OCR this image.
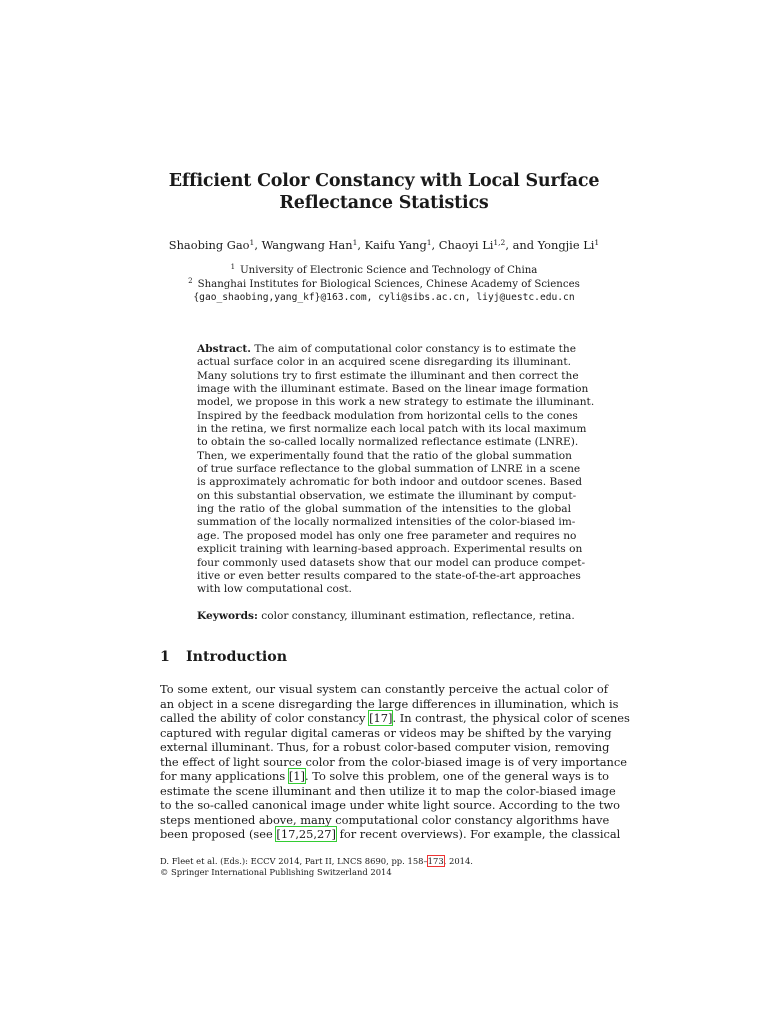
Efficient Color Constancy with Local Surface
Reflectance Statistics
Shaobing Gao$^1$, Wangwang Han$^1$, Kaifu Yang$^1$, Chaoyi Li$^{1,2}$, and Yongjie Li$^1$
$^1$ University of Electronic Science and Technology of China
$^2$ Shanghai Institutes for Biological Sciences, Chinese Academy of Sciences
{gao_shaobing,yang_kf}@163.com, cyli@sibs.ac.cn, liyj@uestc.edu.cn
Abstract. The aim of computational color constancy is to estimate the
actual surface color in an acquired scene disregarding its illuminant.
Many solutions try to first estimate the illuminant and then correct the
image with the illuminant estimate. Based on the linear image formation
model, we propose in this work a new strategy to estimate the illuminant.
Inspired by the feedback modulation from horizontal cells to the cones
in the retina, we first normalize each local patch with its local maximum
to obtain the so-called locally normalized reflectance estimate (LNRE).
Then, we experimentally found that the ratio of the global summation
of true surface reflectance to the global summation of LNRE in a scene
is approximately achromatic for both indoor and outdoor scenes. Based
on this substantial observation, we estimate the illuminant by comput-
ing the ratio of the global summation of the intensities to the global
summation of the locally normalized intensities of the color-biased im-
age. The proposed model has only one free parameter and requires no
explicit training with learning-based approach. Experimental results on
four commonly used datasets show that our model can produce compet-
itive or even better results compared to the state-of-the-art approaches
with low computational cost.
Keywords: color constancy, illuminant estimation, reflectance, retina.
1 Introduction
To some extent, our visual system can constantly perceive the actual color of
an object in a scene disregarding the large differences in illumination, which is
called the ability of color constancy [17]. In contrast, the physical color of scenes
captured with regular digital cameras or videos may be shifted by the varying
external illuminant. Thus, for a robust color-based computer vision, removing
the effect of light source color from the color-biased image is of very importance
for many applications [1]. To solve this problem, one of the general ways is to
estimate the scene illuminant and then utilize it to map the color-biased image
to the so-called canonical image under white light source. According to the two
steps mentioned above, many computational color constancy algorithms have
been proposed (see [17,25,27] for recent overviews). For example, the classical
D. Fleet et al. (Eds.): ECCV 2014, Part II, LNCS 8690, pp. 158–173, 2014.
© Springer International Publishing Switzerland 2014
